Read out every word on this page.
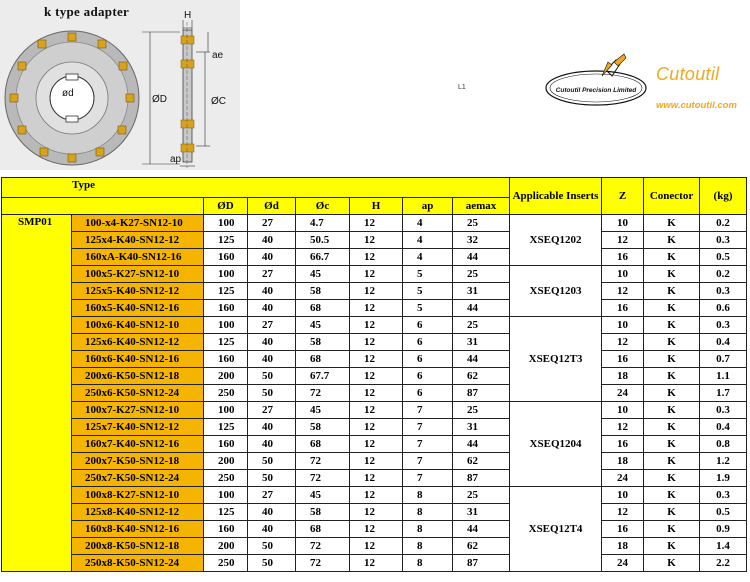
H
ae
ØD	ØC
ap
ød
k type adapter
L1	Cutoutil Precision Limited
Cutoutil
www.cutoutil.com
Type								Applicable Inserts	Z	Conector	(kg)
		ØD	Ød	Øc	H	ap	aemax				
SMP01	100-x4-K27-SN12-10	100	27	4.7	12	4	25	XSEQ1202	10	K	0.2
	125x4-K40-SN12-12	125	40	50.5	12	4	32		12	K	0.3
	160xA-K40-SN12-16	160	40	66.7	12	4	44		16	K	0.5
	100x5-K27-SN12-10	100	27	45	12	5	25	XSEQ1203	10	K	0.2
	125x5-K40-SN12-12	125	40	58	12	5	31		12	K	0.3
	160x5-K40-SN12-16	160	40	68	12	5	44		16	K	0.6
	100x6-K40-SN12-10	100	27	45	12	6	25	XSEQ12T3	10	K	0.3
	125x6-K40-SN12-12	125	40	58	12	6	31		12	K	0.4
	160x6-K40-SN12-16	160	40	68	12	6	44		16	K	0.7
	200x6-K50-SN12-18	200	50	67.7	12	6	62		18	K	1.1
	250x6-K50-SN12-24	250	50	72	12	6	87		24	K	1.7
	100x7-K27-SN12-10	100	27	45	12	7	25	XSEQ1204	10	K	0.3
	125x7-K40-SN12-12	125	40	58	12	7	31		12	K	0.4
	160x7-K40-SN12-16	160	40	68	12	7	44		16	K	0.8
	200x7-K50-SN12-18	200	50	72	12	7	62		18	K	1.2
	250x7-K50-SN12-24	250	50	72	12	7	87		24	K	1.9
	100x8-K27-SN12-10	100	27	45	12	8	25	XSEQ12T4	10	K	0.3
	125x8-K40-SN12-12	125	40	58	12	8	31		12	K	0.5
	160x8-K40-SN12-16	160	40	68	12	8	44		16	K	0.9
	200x8-K50-SN12-18	200	50	72	12	8	62		18	K	1.4
	250x8-K50-SN12-24	250	50	72	12	8	87		24	K	2.2
